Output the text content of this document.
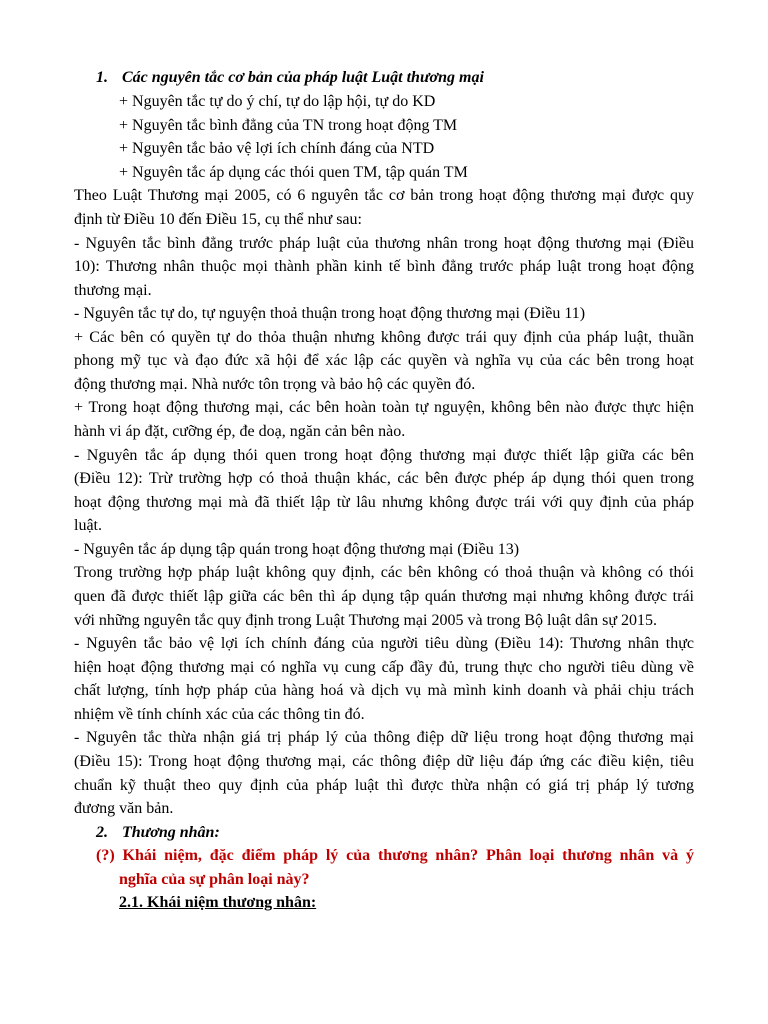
1. Các nguyên tắc cơ bản của pháp luật Luật thương mại
+ Nguyên tắc tự do ý chí, tự do lập hội, tự do KD
+ Nguyên tắc bình đẳng của TN trong hoạt động TM
+ Nguyên tắc bảo vệ lợi ích chính đáng của NTD
+ Nguyên tắc áp dụng các thói quen TM, tập quán TM
Theo Luật Thương mại 2005, có 6 nguyên tắc cơ bản trong hoạt động thương mại được quy
định từ Điều 10 đến Điều 15, cụ thể như sau:
- Nguyên tắc bình đẳng trước pháp luật của thương nhân trong hoạt động thương mại (Điều
10): Thương nhân thuộc mọi thành phần kinh tế bình đẳng trước pháp luật trong hoạt động
thương mại.
- Nguyên tắc tự do, tự nguyện thoả thuận trong hoạt động thương mại (Điều 11)
+ Các bên có quyền tự do thỏa thuận nhưng không được trái quy định của pháp luật, thuần
phong mỹ tục và đạo đức xã hội để xác lập các quyền và nghĩa vụ của các bên trong hoạt
động thương mại. Nhà nước tôn trọng và bảo hộ các quyền đó.
+ Trong hoạt động thương mại, các bên hoàn toàn tự nguyện, không bên nào được thực hiện
hành vi áp đặt, cưỡng ép, đe doạ, ngăn cản bên nào.
- Nguyên tắc áp dụng thói quen trong hoạt động thương mại được thiết lập giữa các bên
(Điều 12): Trừ trường hợp có thoả thuận khác, các bên được phép áp dụng thói quen trong
hoạt động thương mại mà đã thiết lập từ lâu nhưng không được trái với quy định của pháp
luật.
- Nguyên tắc áp dụng tập quán trong hoạt động thương mại (Điều 13)
Trong trường hợp pháp luật không quy định, các bên không có thoả thuận và không có thói
quen đã được thiết lập giữa các bên thì áp dụng tập quán thương mại nhưng không được trái
với những nguyên tắc quy định trong Luật Thương mại 2005 và trong Bộ luật dân sự 2015.
- Nguyên tắc bảo vệ lợi ích chính đáng của người tiêu dùng (Điều 14): Thương nhân thực
hiện hoạt động thương mại có nghĩa vụ cung cấp đầy đủ, trung thực cho người tiêu dùng về
chất lượng, tính hợp pháp của hàng hoá và dịch vụ mà mình kinh doanh và phải chịu trách
nhiệm về tính chính xác của các thông tin đó.
- Nguyên tắc thừa nhận giá trị pháp lý của thông điệp dữ liệu trong hoạt động thương mại
(Điều 15): Trong hoạt động thương mại, các thông điệp dữ liệu đáp ứng các điều kiện, tiêu
chuẩn kỹ thuật theo quy định của pháp luật thì được thừa nhận có giá trị pháp lý tương
đương văn bản.
2. Thương nhân:
(?) Khái niệm, đặc điểm pháp lý của thương nhân? Phân loại thương nhân và ý
nghĩa của sự phân loại này?
2.1. Khái niệm thương nhân:
